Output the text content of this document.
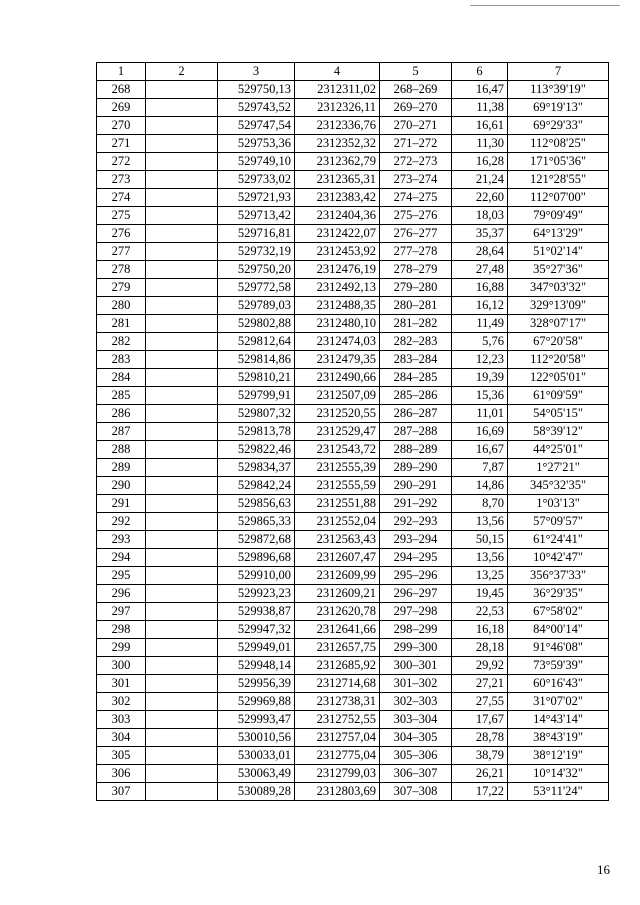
1	2	3	4	5	6	7
268		529750,13	2312311,02	268–269	16,47	113°39'19"
269		529743,52	2312326,11	269–270	11,38	69°19'13"
270		529747,54	2312336,76	270–271	16,61	69°29'33"
271		529753,36	2312352,32	271–272	11,30	112°08'25"
272		529749,10	2312362,79	272–273	16,28	171°05'36"
273		529733,02	2312365,31	273–274	21,24	121°28'55"
274		529721,93	2312383,42	274–275	22,60	112°07'00"
275		529713,42	2312404,36	275–276	18,03	79°09'49"
276		529716,81	2312422,07	276–277	35,37	64°13'29"
277		529732,19	2312453,92	277–278	28,64	51°02'14"
278		529750,20	2312476,19	278–279	27,48	35°27'36"
279		529772,58	2312492,13	279–280	16,88	347°03'32"
280		529789,03	2312488,35	280–281	16,12	329°13'09"
281		529802,88	2312480,10	281–282	11,49	328°07'17"
282		529812,64	2312474,03	282–283	5,76	67°20'58"
283		529814,86	2312479,35	283–284	12,23	112°20'58"
284		529810,21	2312490,66	284–285	19,39	122°05'01"
285		529799,91	2312507,09	285–286	15,36	61°09'59"
286		529807,32	2312520,55	286–287	11,01	54°05'15"
287		529813,78	2312529,47	287–288	16,69	58°39'12"
288		529822,46	2312543,72	288–289	16,67	44°25'01"
289		529834,37	2312555,39	289–290	7,87	1°27'21"
290		529842,24	2312555,59	290–291	14,86	345°32'35"
291		529856,63	2312551,88	291–292	8,70	1°03'13"
292		529865,33	2312552,04	292–293	13,56	57°09'57"
293		529872,68	2312563,43	293–294	50,15	61°24'41"
294		529896,68	2312607,47	294–295	13,56	10°42'47"
295		529910,00	2312609,99	295–296	13,25	356°37'33"
296		529923,23	2312609,21	296–297	19,45	36°29'35"
297		529938,87	2312620,78	297–298	22,53	67°58'02"
298		529947,32	2312641,66	298–299	16,18	84°00'14"
299		529949,01	2312657,75	299–300	28,18	91°46'08"
300		529948,14	2312685,92	300–301	29,92	73°59'39"
301		529956,39	2312714,68	301–302	27,21	60°16'43"
302		529969,88	2312738,31	302–303	27,55	31°07'02"
303		529993,47	2312752,55	303–304	17,67	14°43'14"
304		530010,56	2312757,04	304–305	28,78	38°43'19"
305		530033,01	2312775,04	305–306	38,79	38°12'19"
306		530063,49	2312799,03	306–307	26,21	10°14'32"
307		530089,28	2312803,69	307–308	17,22	53°11'24"
16
